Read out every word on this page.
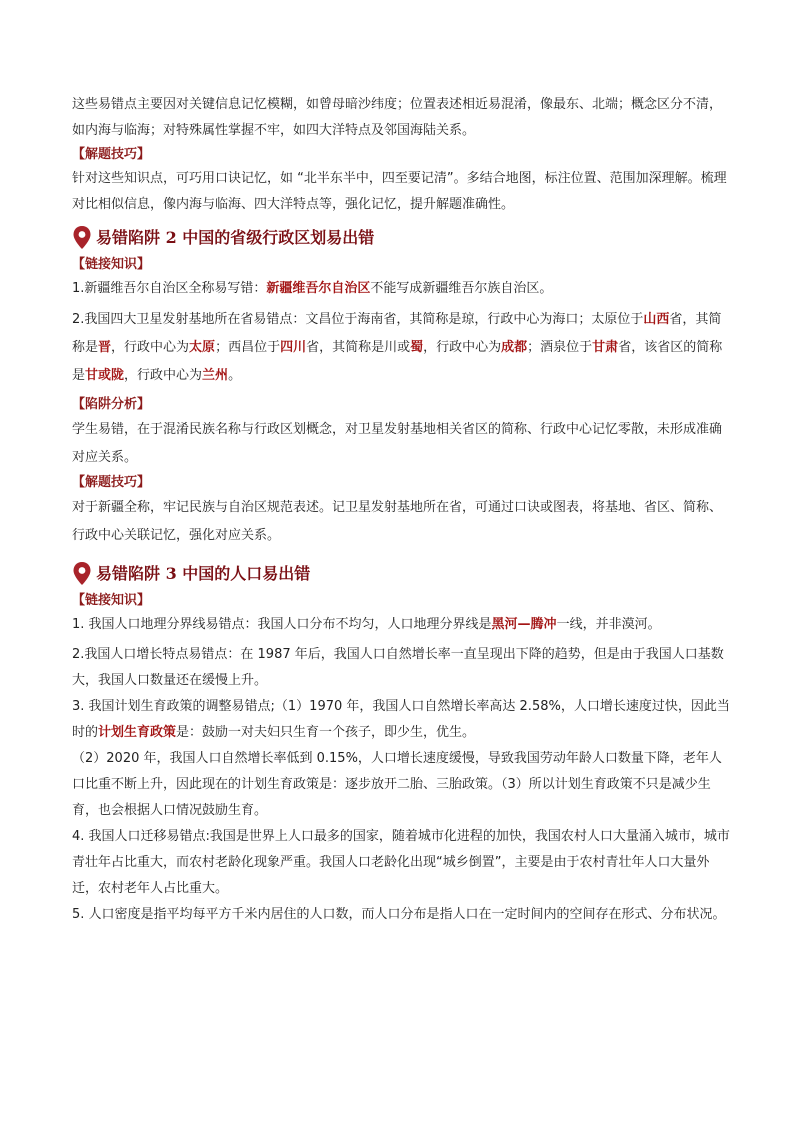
这些易错点主要因对关键信息记忆模糊，如曾母暗沙纬度；位置表述相近易混淆，像最东、北端；概念区分不清，如内海与临海；对特殊属性掌握不牢，如四大洋特点及邻国海陆关系。

【解题技巧】

针对这些知识点，可巧用口诀记忆，如 “北半东半中，四至要记清”。多结合地图，标注位置、范围加深理解。梳理对比相似信息，像内海与临海、四大洋特点等，强化记忆，提升解题准确性。

易错陷阱 2 中国的省级行政区划易出错
【链接知识】

1.新疆维吾尔自治区全称易写错：新疆维吾尔自治区不能写成新疆维吾尔族自治区。

2.我国四大卫星发射基地所在省易错点：文昌位于海南省，其简称是琼，行政中心为海口；太原位于山西省，其简称是晋，行政中心为太原；西昌位于四川省，其简称是川或蜀，行政中心为成都；酒泉位于甘肃省，该省区的简称是甘或陇，行政中心为兰州。

【陷阱分析】

学生易错，在于混淆民族名称与行政区划概念，对卫星发射基地相关省区的简称、行政中心记忆零散，未形成准确对应关系。

【解题技巧】

对于新疆全称，牢记民族与自治区规范表述。记卫星发射基地所在省，可通过口诀或图表，将基地、省区、简称、行政中心关联记忆，强化对应关系。

易错陷阱 3 中国的人口易出错
【链接知识】

1. 我国人口地理分界线易错点：我国人口分布不均匀，人口地理分界线是黑河—腾冲一线，并非漠河。

2.我国人口增长特点易错点：在 1987 年后，我国人口自然增长率一直呈现出下降的趋势，但是由于我国人口基数大，我国人口数量还在缓慢上升。

3. 我国计划生育政策的调整易错点;（1）1970 年，我国人口自然增长率高达 2.58%，人口增长速度过快，因此当时的计划生育政策是：鼓励一对夫妇只生育一个孩子，即少生，优生。

（2）2020 年，我国人口自然增长率低到 0.15%，人口增长速度缓慢，导致我国劳动年龄人口数量下降，老年人口比重不断上升，因此现在的计划生育政策是：逐步放开二胎、三胎政策。（3）所以计划生育政策不只是减少生育，也会根据人口情况鼓励生育。

4. 我国人口迁移易错点:我国是世界上人口最多的国家，随着城市化进程的加快，我国农村人口大量涌入城市，城市青壮年占比重大，而农村老龄化现象严重。我国人口老龄化出现“城乡倒置”，主要是由于农村青壮年人口大量外迁，农村老年人占比重大。

5. 人口密度是指平均每平方千米内居住的人口数，而人口分布是指人口在一定时间内的空间存在形式、分布状况。
